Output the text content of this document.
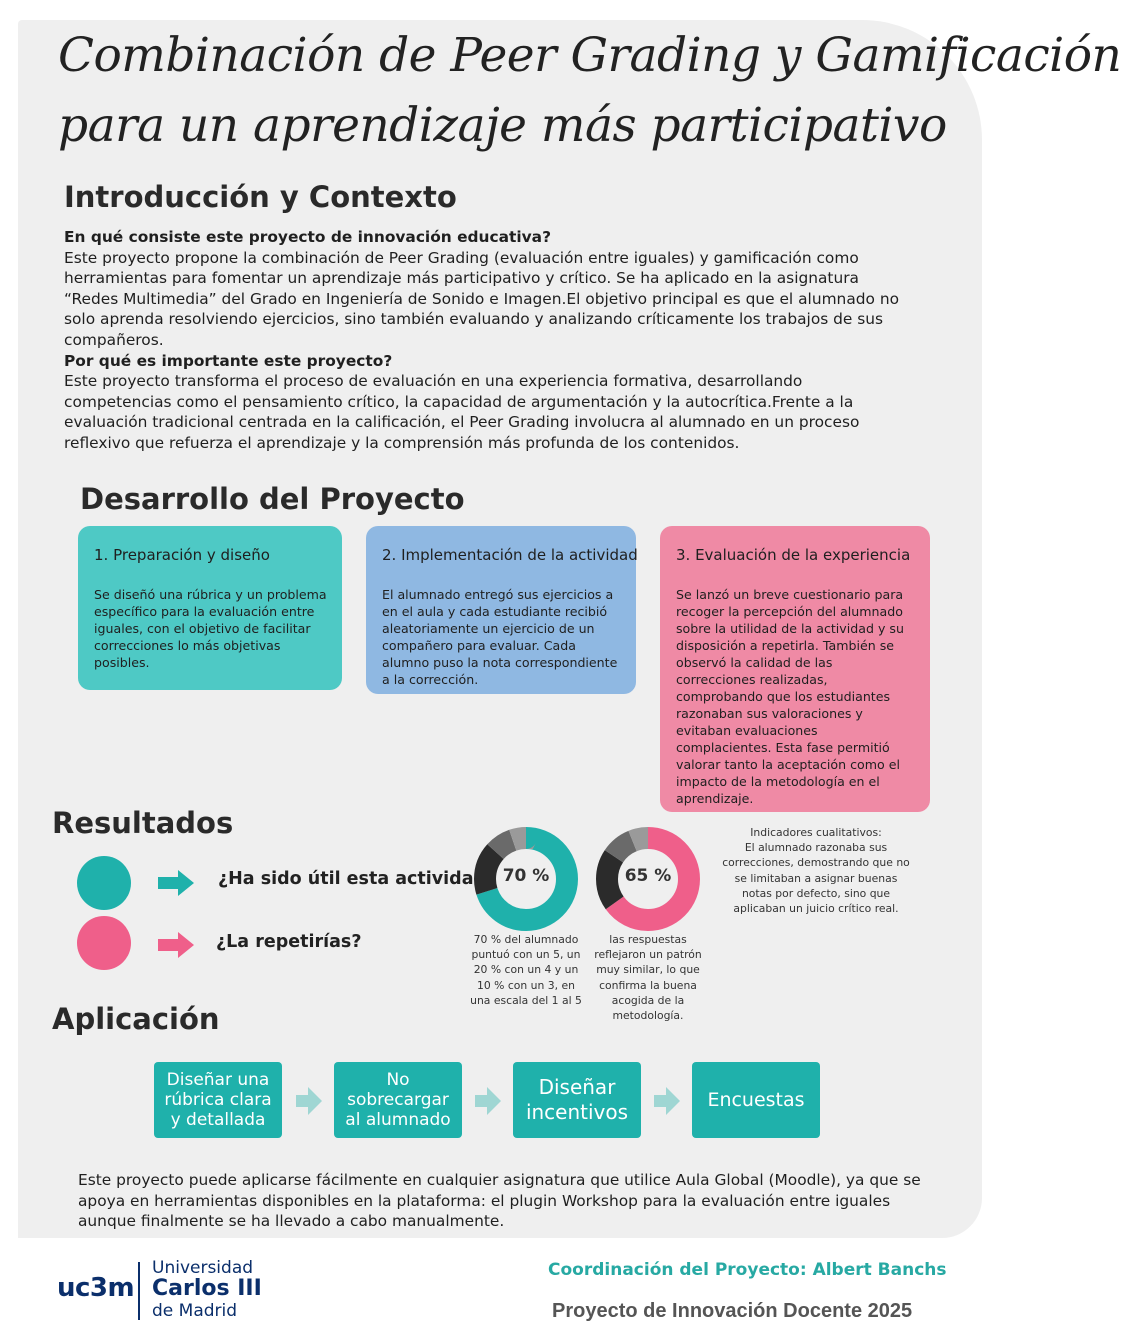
Combinación de Peer Grading y Gamificación
para un aprendizaje más participativo
Introducción y Contexto

En qué consiste este proyecto de innovación educativa?

Este proyecto propone la combinación de Peer Grading (evaluación entre iguales) y gamificación como herramientas para fomentar un aprendizaje más participativo y crítico. Se ha aplicado en la asignatura “Redes Multimedia” del Grado en Ingeniería de Sonido e Imagen.El objetivo principal es que el alumnado no solo aprenda resolviendo ejercicios, sino también evaluando y analizando críticamente los trabajos de sus compañeros.

Por qué es importante este proyecto?

Este proyecto transforma el proceso de evaluación en una experiencia formativa, desarrollando competencias como el pensamiento crítico, la capacidad de argumentación y la autocrítica.Frente a la evaluación tradicional centrada en la calificación, el Peer Grading involucra al alumnado en un proceso reflexivo que refuerza el aprendizaje y la comprensión más profunda de los contenidos.

Desarrollo del Proyecto
1. Preparación y diseño

Se diseñó una rúbrica y un problema específico para la evaluación entre iguales, con el objetivo de facilitar correcciones lo más objetivas posibles.

2. Implementación de la actividad

El alumnado entregó sus ejercicios a en el aula y cada estudiante recibió aleatoriamente un ejercicio de un compañero para evaluar. Cada alumno puso la nota correspondiente a la corrección.

3. Evaluación de la experiencia

Se lanzó un breve cuestionario para recoger la percepción del alumnado sobre la utilidad de la actividad y su disposición a repetirla. También se observó la calidad de las correcciones realizadas, comprobando que los estudiantes razonaban sus valoraciones y evitaban evaluaciones complacientes. Esta fase permitió valorar tanto la aceptación como el impacto de la metodología en el aprendizaje.

Resultados
¿Ha sido útil esta actividad?
¿La repetirías?
70 %
70 % del alumnado puntuó con un 5, un 20 % con un 4 y un 10 % con un 3, en una escala del 1 al 5
65 %
las respuestas reflejaron un patrón muy similar, lo que confirma la buena acogida de la metodología.
Indicadores cualitativos:
El alumnado razonaba sus correcciones, demostrando que no se limitaban a asignar buenas notas por defecto, sino que aplicaban un juicio crítico real.
Aplicación
Diseñar una rúbrica clara y detallada
No sobrecargar al alumnado
Diseñar incentivos	Encuestas

Este proyecto puede aplicarse fácilmente en cualquier asignatura que utilice Aula Global (Moodle), ya que se apoya en herramientas disponibles en la plataforma: el plugin Workshop para la evaluación entre iguales aunque finalmente se ha llevado a cabo manualmente.

uc3m
Universidad
Carlos III
de Madrid
Coordinación del Proyecto: Albert Banchs
Proyecto de Innovación Docente 2025
